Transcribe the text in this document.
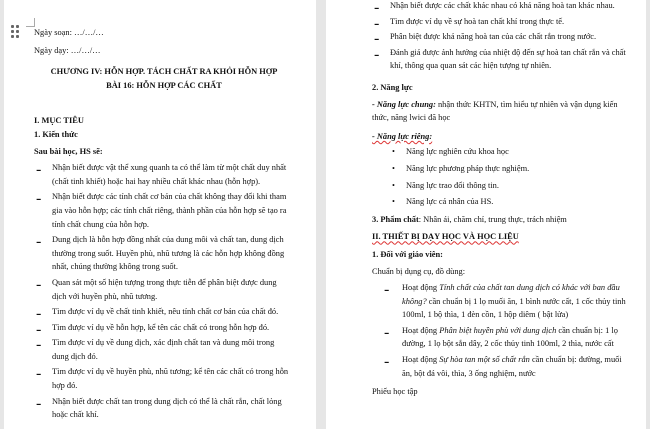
Ngày soạn: …/…/…
Ngày dạy: …/…/…
CHƯƠNG IV: HỖN HỢP. TÁCH CHẤT RA KHỎI HỖN HỢP
BÀI 16: HỖN HỢP CÁC CHẤT
I. MỤC TIÊU
1. Kiến thức
Sau bài học, HS sẽ:
- Nhận biết được vật thể xung quanh ta có thể làm từ một chất duy nhất
(chất tinh khiết) hoặc hai hay nhiều chất khác nhau (hỗn hợp).
- Nhận biết được các tính chất cơ bản của chất không thay đổi khi tham
gia vào hỗn hợp; các tính chất riêng, thành phần của hỗn hợp sẽ tạo ra
tính chất chung của hỗn hợp.
- Dung dịch là hỗn hợp đồng nhất của dung môi và chất tan, dung dịch
thường trong suốt. Huyền phù, nhũ tương là các hỗn hợp không đồng
nhất, chúng thường không trong suốt.
- Quan sát một số hiện tượng trong thực tiễn để phân biệt được dung
dịch với huyền phù, nhũ tương.
- Tìm được ví dụ về chất tinh khiết, nêu tính chất cơ bản của chất đó.
- Tìm được ví dụ về hỗn hợp, kể tên các chất có trong hỗn hợp đó.
- Tìm được ví dụ về dung dịch, xác định chất tan và dung môi trong
dung dịch đó.
- Tìm được ví dụ về huyền phù, nhũ tương; kể tên các chất có trong hỗn
hợp đó.
- Nhận biết được chất tan trong dung dịch có thể là chất rắn, chất lỏng
hoặc chất khí.
- Nhận biết được các chất khác nhau có khả năng hoà tan khác nhau.
- Tìm được ví dụ về sự hoà tan chất khí trong thực tế.
- Phân biệt được khả năng hoà tan của các chất rắn trong nước.
- Đánh giá được ảnh hưởng của nhiệt độ đến sự hoà tan chất rắn và chất
khí, thông qua quan sát các hiện tượng tự nhiên.
2. Năng lực
- Năng lực chung: nhận thức KHTN, tìm hiểu tự nhiên và vận dụng kiến
thức, năng lwici đã học
- Năng lực riêng:
• Năng lực nghiên cứu khoa học
• Năng lực phương pháp thực nghiệm.
• Năng lực trao đổi thông tin.
• Năng lực cá nhân của HS.
3. Phẩm chất: Nhân ái, chăm chỉ, trung thực, trách nhiệm
II. THIẾT BỊ DẠY HỌC VÀ HỌC LIỆU
1. Đối với giáo viên:
Chuẩn bị dụng cụ, đồ dùng:
- Hoạt động Tính chất của chất tan dung dịch có khác với ban đầu
không? cần chuẩn bị 1 lọ muối ăn, 1 bình nước cất, 1 cốc thủy tinh
100ml, 1 bộ thìa, 1 đèn cồn, 1 hộp diêm ( bật lửa)
- Hoạt động Phân biệt huyền phù với dung dịch cần chuẩn bị: 1 lọ
đường, 1 lọ bột sắn dây, 2 cốc thủy tinh 100ml, 2 thìa, nước cất
- Hoạt động Sự hòa tan một số chất rắn cần chuẩn bị: đường, muối
ăn, bột đá vôi, thìa, 3 ống nghiệm, nước
Phiếu học tập
